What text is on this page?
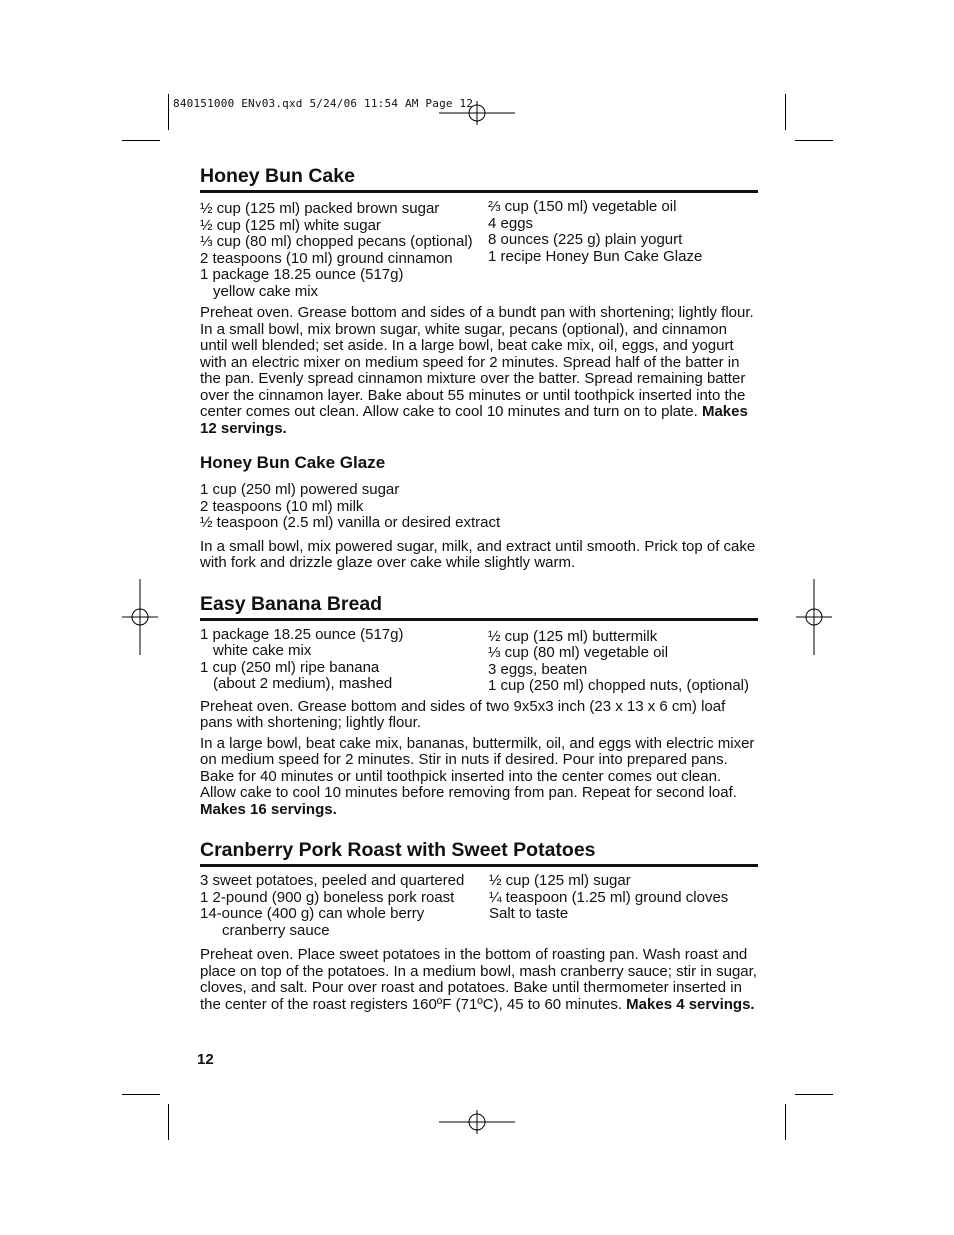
840151000 ENv03.qxd 5/24/06 11:54 AM Page 12
Honey Bun Cake
½ cup (125 ml) packed brown sugar
½ cup (125 ml) white sugar
⅓ cup (80 ml) chopped pecans (optional)
2 teaspoons (10 ml) ground cinnamon
1 package 18.25 ounce (517g)
yellow cake mix
⅔ cup (150 ml) vegetable oil
4 eggs
8 ounces (225 g) plain yogurt
1 recipe Honey Bun Cake Glaze

Preheat oven. Grease bottom and sides of a bundt pan with shortening; lightly flour. In a small bowl, mix brown sugar, white sugar, pecans (optional), and cinnamon until well blended; set aside. In a large bowl, beat cake mix, oil, eggs, and yogurt with an electric mixer on medium speed for 2 minutes. Spread half of the batter in the pan. Evenly spread cinnamon mixture over the batter. Spread remaining batter over the cinnamon layer. Bake about 55 minutes or until toothpick inserted into the center comes out clean. Allow cake to cool 10 minutes and turn on to plate. Makes 12 servings.

Honey Bun Cake Glaze
1 cup (250 ml) powered sugar
2 teaspoons (10 ml) milk
½ teaspoon (2.5 ml) vanilla or desired extract

In a small bowl, mix powered sugar, milk, and extract until smooth. Prick top of cake with fork and drizzle glaze over cake while slightly warm.

Easy Banana Bread
1 package 18.25 ounce (517g)
white cake mix
1 cup (250 ml) ripe banana
(about 2 medium), mashed
½ cup (125 ml) buttermilk
⅓ cup (80 ml) vegetable oil
3 eggs, beaten
1 cup (250 ml) chopped nuts, (optional)

Preheat oven. Grease bottom and sides of two 9x5x3 inch (23 x 13 x 6 cm) loaf pans with shortening; lightly flour.

In a large bowl, beat cake mix, bananas, buttermilk, oil, and eggs with electric mixer on medium speed for 2 minutes. Stir in nuts if desired. Pour into prepared pans. Bake for 40 minutes or until toothpick inserted into the center comes out clean. Allow cake to cool 10 minutes before removing from pan. Repeat for second loaf. Makes 16 servings.

Cranberry Pork Roast with Sweet Potatoes
3 sweet potatoes, peeled and quartered
1 2-pound (900 g) boneless pork roast
14-ounce (400 g) can whole berry
cranberry sauce
½ cup (125 ml) sugar
¼ teaspoon (1.25 ml) ground cloves
Salt to taste

Preheat oven. Place sweet potatoes in the bottom of roasting pan. Wash roast and place on top of the potatoes. In a medium bowl, mash cranberry sauce; stir in sugar, cloves, and salt. Pour over roast and potatoes. Bake until thermometer inserted in the center of the roast registers 160ºF (71ºC), 45 to 60 minutes. Makes 4 servings.

12
